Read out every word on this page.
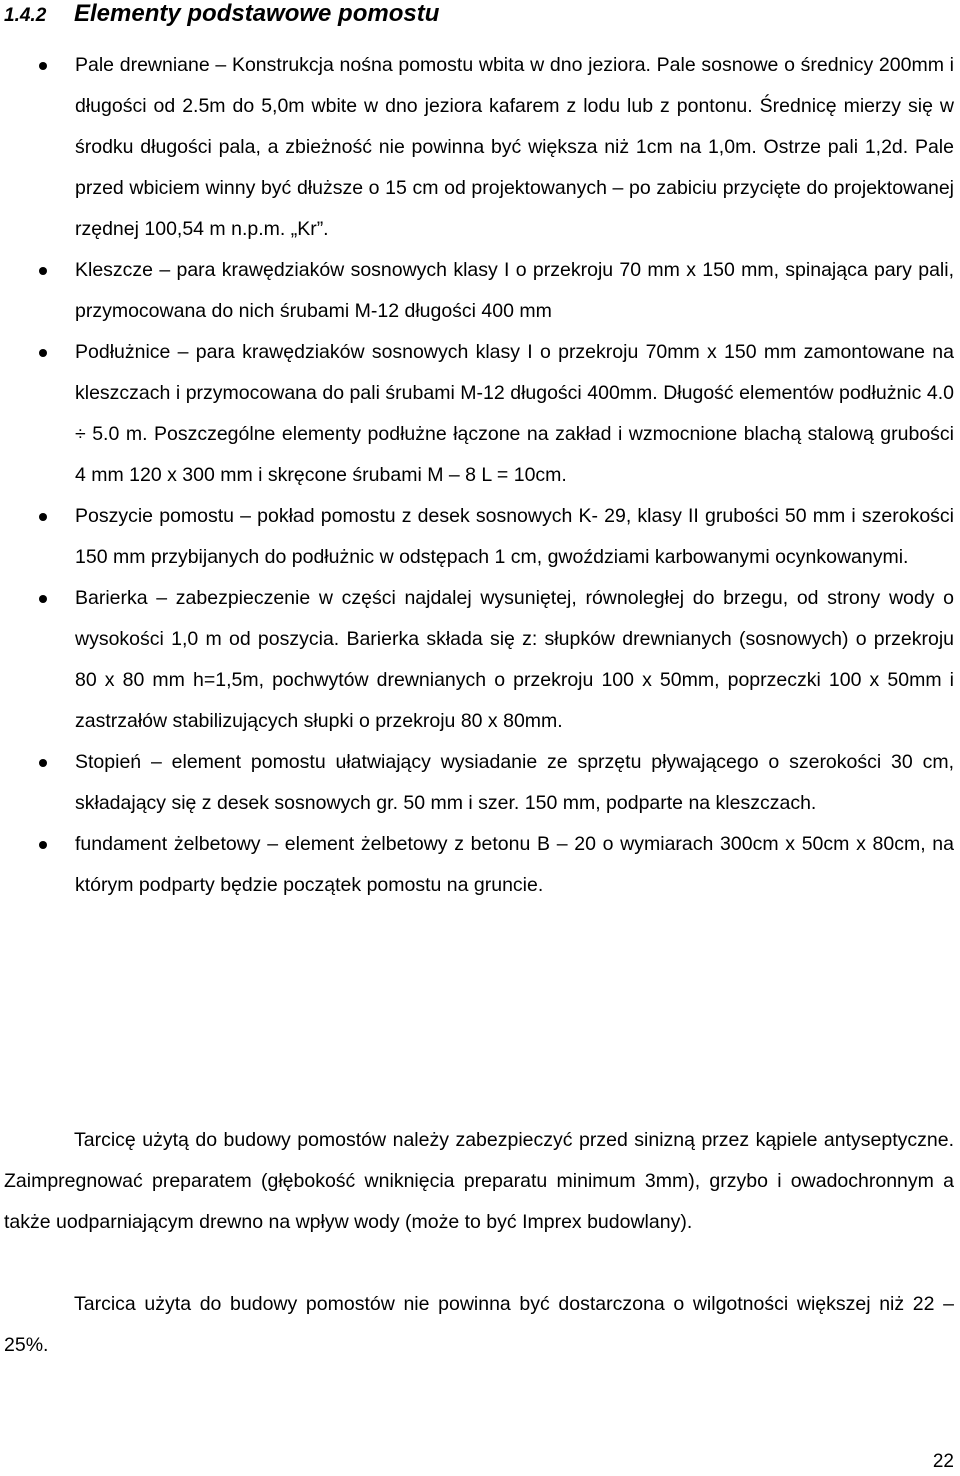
1.4.2	Elementy podstawowe pomostu
Pale drewniane – Konstrukcja nośna pomostu wbita w dno jeziora. Pale sosnowe o średnicy 200mm i długości od 2.5m do 5,0m wbite w dno jeziora kafarem z lodu lub z pontonu. Średnicę mierzy się w środku długości pala, a zbieżność nie powinna być większa niż 1cm na 1,0m. Ostrze pali 1,2d. Pale przed wbiciem winny być dłuższe o 15 cm od projektowanych – po zabiciu przycięte do projektowanej rzędnej 100,54 m n.p.m. „Kr”.
Kleszcze – para krawędziaków sosnowych klasy I o przekroju 70 mm x 150 mm, spinająca pary pali, przymocowana do nich śrubami M-12 długości 400 mm
Podłużnice – para krawędziaków sosnowych klasy I o przekroju 70mm x 150 mm zamontowane na kleszczach i przymocowana do pali śrubami M-12 długości 400mm. Długość elementów podłużnic 4.0 ÷ 5.0 m. Poszczególne elementy podłużne łączone na zakład i wzmocnione blachą stalową grubości 4 mm 120 x 300 mm i skręcone śrubami M – 8 L = 10cm.
Poszycie pomostu – pokład pomostu z desek sosnowych K- 29, klasy II grubości 50 mm i szerokości 150 mm przybijanych do podłużnic w odstępach 1 cm, gwoździami karbowanymi ocynkowanymi.
Barierka – zabezpieczenie w części najdalej wysuniętej, równoległej do brzegu, od strony wody o wysokości 1,0 m od poszycia. Barierka składa się z: słupków drewnianych (sosnowych) o przekroju 80 x 80 mm h=1,5m, pochwytów drewnianych o przekroju 100 x 50mm, poprzeczki 100 x 50mm i zastrzałów stabilizujących słupki o przekroju 80 x 80mm.
Stopień – element pomostu ułatwiający wysiadanie ze sprzętu pływającego o szerokości 30 cm, składający się z desek sosnowych gr. 50 mm i szer. 150 mm, podparte na kleszczach.
fundament żelbetowy – element żelbetowy z betonu B – 20 o wymiarach 300cm x 50cm x 80cm, na którym podparty będzie początek pomostu na gruncie.

Tarcicę użytą do budowy pomostów należy zabezpieczyć przed sinizną przez kąpiele antyseptyczne. Zaimpregnować preparatem (głębokość wniknięcia preparatu minimum 3mm), grzybo i owadochronnym a także uodparniającym drewno na wpływ wody (może to być Imprex budowlany).

Tarcica użyta do budowy pomostów nie powinna być dostarczona o wilgotności większej niż 22 – 25%.

22
